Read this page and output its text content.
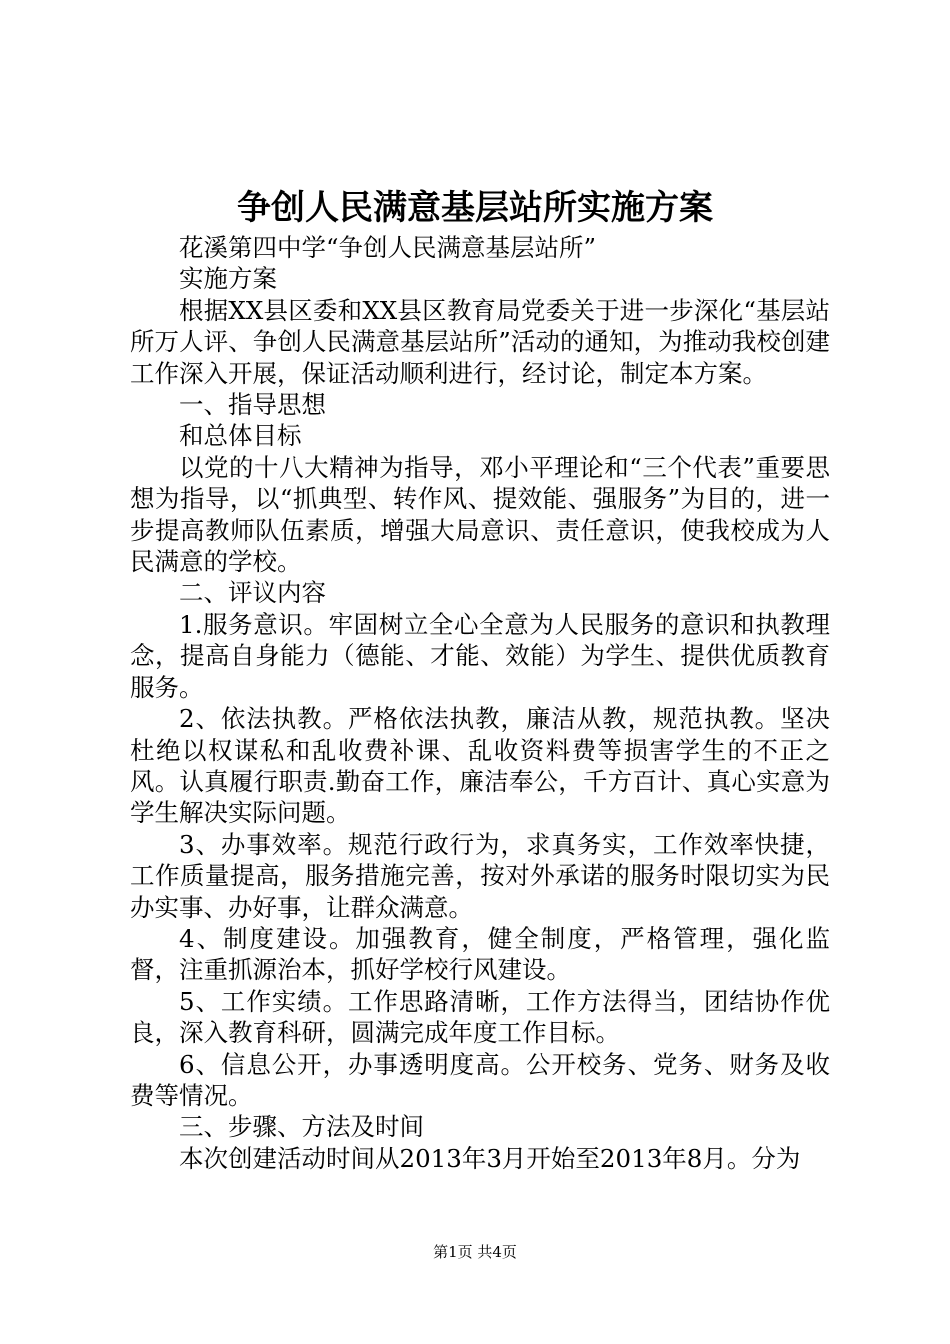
争创人民满意基层站所实施方案

花溪第四中学“争创人民满意基层站所”

实施方案

根据XX县区委和XX县区教育局党委关于进一步深化“基层站所万人评、争创人民满意基层站所”活动的通知，为推动我校创建工作深入开展，保证活动顺利进行，经讨论，制定本方案。

一、指导思想

和总体目标

以党的十八大精神为指导，邓小平理论和“三个代表”重要思想为指导，以“抓典型、转作风、提效能、强服务”为目的，进一步提高教师队伍素质，增强大局意识、责任意识，使我校成为人民满意的学校。

二、评议内容

1.服务意识。牢固树立全心全意为人民服务的意识和执教理念，提高自身能力（德能、才能、效能）为学生、提供优质教育服务。

2、依法执教。严格依法执教，廉洁从教，规范执教。坚决杜绝以权谋私和乱收费补课、乱收资料费等损害学生的不正之风。认真履行职责.勤奋工作，廉洁奉公，千方百计、真心实意为学生解决实际问题。

3、办事效率。规范行政行为，求真务实，工作效率快捷，工作质量提高，服务措施完善，按对外承诺的服务时限切实为民办实事、办好事，让群众满意。

4、制度建设。加强教育，健全制度，严格管理，强化监督，注重抓源治本，抓好学校行风建设。

5、工作实绩。工作思路清晰，工作方法得当，团结协作优良，深入教育科研，圆满完成年度工作目标。

6、信息公开，办事透明度高。公开校务、党务、财务及收费等情况。

三、步骤、方法及时间

本次创建活动时间从2013年3月开始至2013年8月。分为

第1页 共4页
